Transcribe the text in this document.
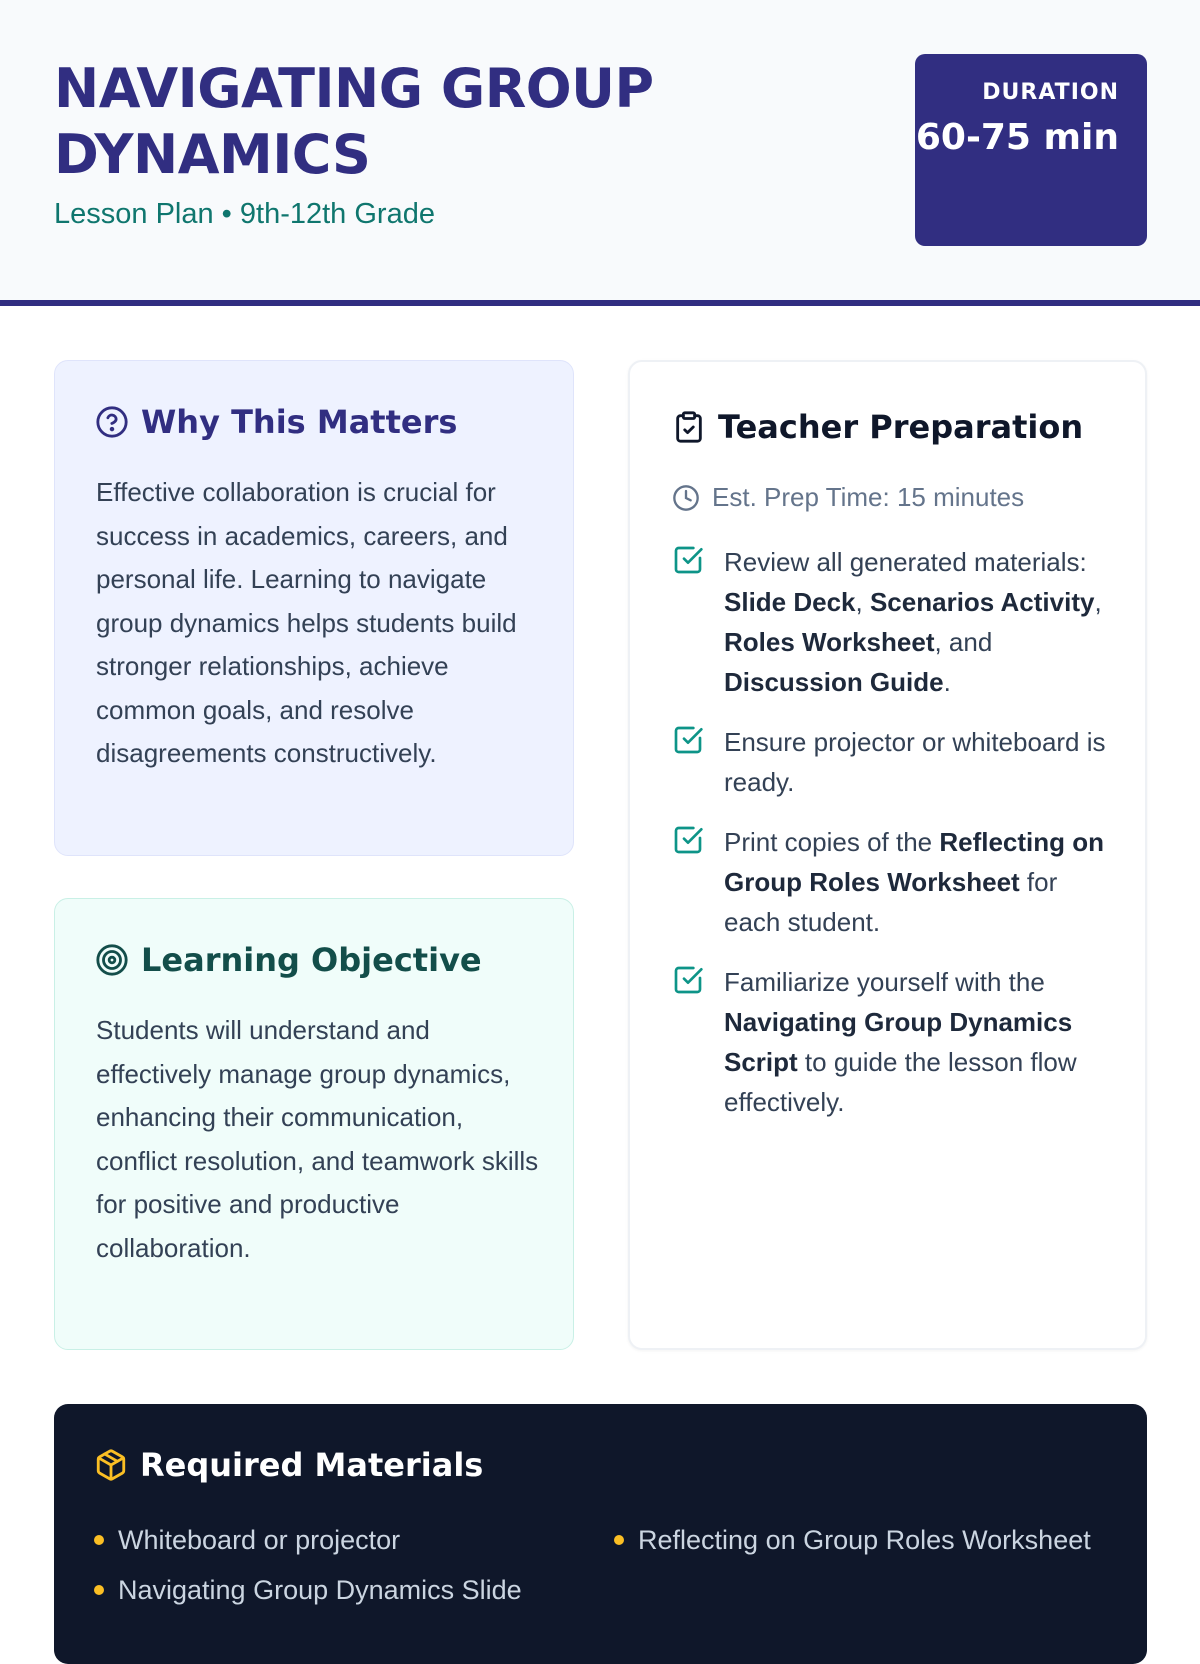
NAVIGATING GROUP DYNAMICS
Lesson Plan • 9th-12th Grade
DURATION
60-75 min
Why This Matters

Effective collaboration is crucial for success in academics, careers, and personal life. Learning to navigate group dynamics helps students build stronger relationships, achieve common goals, and resolve disagreements constructively.

Learning Objective

Students will understand and effectively manage group dynamics, enhancing their communication, conflict resolution, and teamwork skills for positive and productive collaboration.

Teacher Preparation
Est. Prep Time: 15 minutes

Review all generated materials: Slide Deck, Scenarios Activity, Roles Worksheet, and Discussion Guide.

Ensure projector or whiteboard is ready.

Print copies of the Reflecting on Group Roles Worksheet for each student.

Familiarize yourself with the Navigating Group Dynamics Script to guide the lesson flow effectively.

Required Materials
Whiteboard or projector
Navigating Group Dynamics Slide
Reflecting on Group Roles Worksheet
